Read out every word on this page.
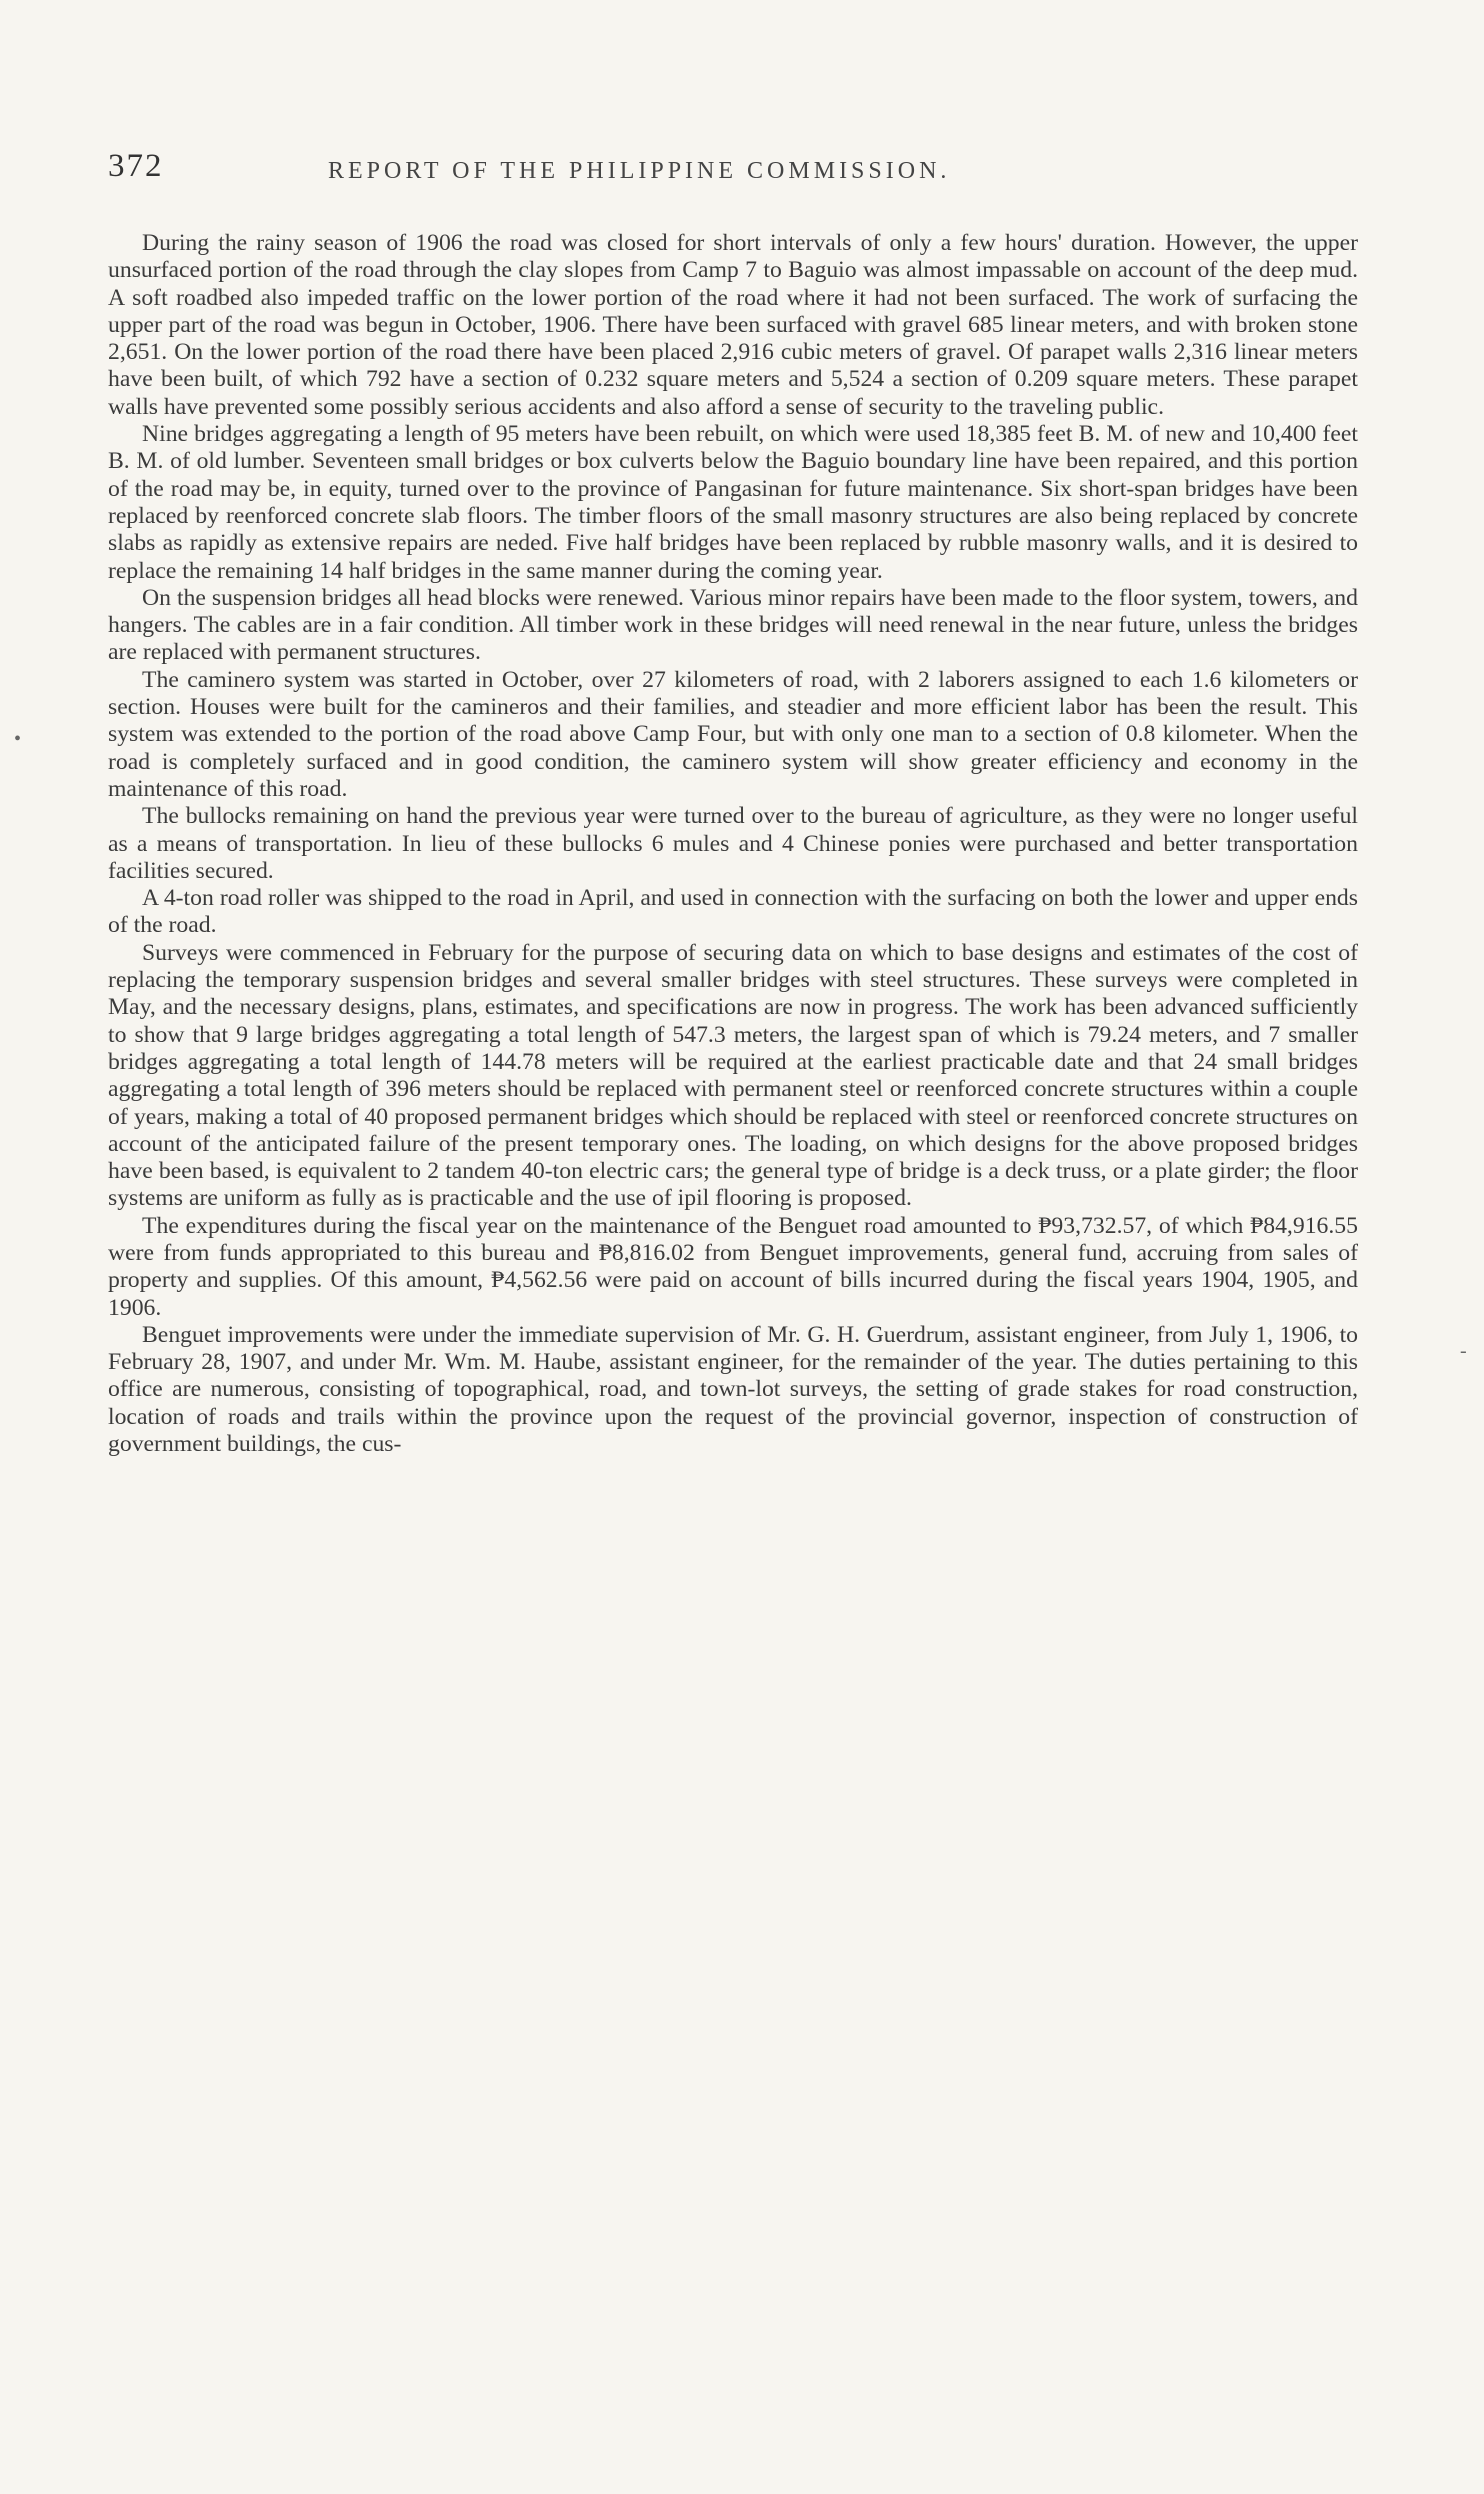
372	REPORT OF THE PHILIPPINE COMMISSION.

During the rainy season of 1906 the road was closed for short intervals of only a few hours' duration. However, the upper unsurfaced portion of the road through the clay slopes from Camp 7 to Baguio was almost impassable on account of the deep mud. A soft roadbed also impeded traffic on the lower portion of the road where it had not been surfaced. The work of surfacing the upper part of the road was begun in October, 1906. There have been surfaced with gravel 685 linear meters, and with broken stone 2,651. On the lower portion of the road there have been placed 2,916 cubic meters of gravel. Of parapet walls 2,316 linear meters have been built, of which 792 have a section of 0.232 square meters and 5,524 a section of 0.209 square meters. These parapet walls have prevented some possibly serious accidents and also afford a sense of security to the traveling public.

Nine bridges aggregating a length of 95 meters have been rebuilt, on which were used 18,385 feet B. M. of new and 10,400 feet B. M. of old lumber. Seventeen small bridges or box culverts below the Baguio boundary line have been repaired, and this portion of the road may be, in equity, turned over to the province of Pangasinan for future maintenance. Six short-span bridges have been replaced by reenforced concrete slab floors. The timber floors of the small masonry structures are also being replaced by concrete slabs as rapidly as extensive repairs are neded. Five half bridges have been replaced by rubble masonry walls, and it is desired to replace the remaining 14 half bridges in the same manner during the coming year.

On the suspension bridges all head blocks were renewed. Various minor repairs have been made to the floor system, towers, and hangers. The cables are in a fair condition. All timber work in these bridges will need renewal in the near future, unless the bridges are replaced with permanent structures.

The caminero system was started in October, over 27 kilometers of road, with 2 laborers assigned to each 1.6 kilometers or section. Houses were built for the camineros and their families, and steadier and more efficient labor has been the result. This system was extended to the portion of the road above Camp Four, but with only one man to a section of 0.8 kilometer. When the road is completely surfaced and in good condition, the caminero system will show greater efficiency and economy in the maintenance of this road.

The bullocks remaining on hand the previous year were turned over to the bureau of agriculture, as they were no longer useful as a means of transportation. In lieu of these bullocks 6 mules and 4 Chinese ponies were purchased and better transportation facilities secured.

A 4-ton road roller was shipped to the road in April, and used in connection with the surfacing on both the lower and upper ends of the road.

Surveys were commenced in February for the purpose of securing data on which to base designs and estimates of the cost of replacing the temporary suspension bridges and several smaller bridges with steel structures. These surveys were completed in May, and the necessary designs, plans, estimates, and specifications are now in progress. The work has been advanced sufficiently to show that 9 large bridges aggregating a total length of 547.3 meters, the largest span of which is 79.24 meters, and 7 smaller bridges aggregating a total length of 144.78 meters will be required at the earliest practicable date and that 24 small bridges aggregating a total length of 396 meters should be replaced with permanent steel or reenforced concrete structures within a couple of years, making a total of 40 proposed permanent bridges which should be replaced with steel or reenforced concrete structures on account of the anticipated failure of the present temporary ones. The loading, on which designs for the above proposed bridges have been based, is equivalent to 2 tandem 40-ton electric cars; the general type of bridge is a deck truss, or a plate girder; the floor systems are uniform as fully as is practicable and the use of ipil flooring is proposed.

The expenditures during the fiscal year on the maintenance of the Benguet road amounted to ₱93,732.57, of which ₱84,916.55 were from funds appropriated to this bureau and ₱8,816.02 from Benguet improvements, general fund, accruing from sales of property and supplies. Of this amount, ₱4,562.56 were paid on account of bills incurred during the fiscal years 1904, 1905, and 1906.

Benguet improvements were under the immediate supervision of Mr. G. H. Guerdrum, assistant engineer, from July 1, 1906, to February 28, 1907, and under Mr. Wm. M. Haube, assistant engineer, for the remainder of the year. The duties pertaining to this office are numerous, consisting of topographical, road, and town-lot surveys, the setting of grade stakes for road construction, location of roads and trails within the province upon the request of the provincial governor, inspection of construction of government buildings, the cus-

•
-
